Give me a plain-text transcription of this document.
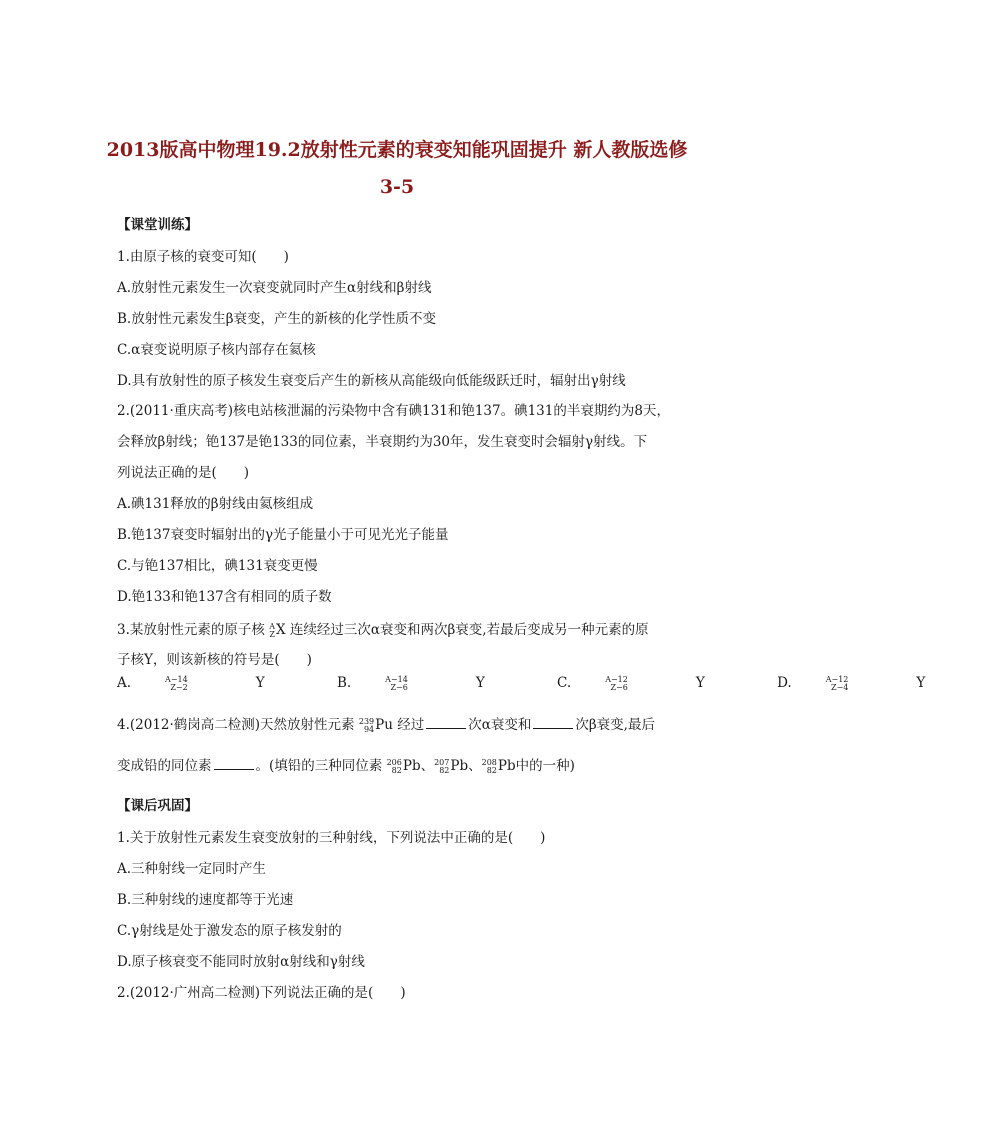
2013版高中物理19.2放射性元素的衰变知能巩固提升 新人教版选修
3-5
【课堂训练】
1.由原子核的衰变可知(　　)
A.放射性元素发生一次衰变就同时产生α射线和β射线
B.放射性元素发生β衰变，产生的新核的化学性质不变
C.α衰变说明原子核内部存在氦核
D.具有放射性的原子核发生衰变后产生的新核从高能级向低能级跃迁时，辐射出γ射线
2.(2011·重庆高考)核电站核泄漏的污染物中含有碘131和铯137。碘131的半衰期约为8天，
会释放β射线；铯137是铯133的同位素，半衰期约为30年，发生衰变时会辐射γ射线。下
列说法正确的是(　　)
A.碘131释放的β射线由氦核组成
B.铯137衰变时辐射出的γ光子能量小于可见光光子能量
C.与铯137相比，碘131衰变更慢
D.铯133和铯137含有相同的质子数
3.某放射性元素的原子核 A
Z X 连续经过三次α衰变和两次β衰变,若最后变成另一种元素的原
子核Y，则该新核的符号是(　　)
A.	A−14
Z−2	Y	B.	A−14
Z−6	Y	C.	A−12
Z−6	Y	D.	A−12
Z−4	Y
4.(2012·鹤岗高二检测)天然放射性元素 239
94 Pu 经过	次α衰变和	次β衰变,最后
变成铅的同位素	。(填铅的三种同位素 206
82 Pb、 207
82 Pb、 208
82 Pb中的一种)
【课后巩固】
1.关于放射性元素发生衰变放射的三种射线，下列说法中正确的是(　　)
A.三种射线一定同时产生
B.三种射线的速度都等于光速
C.γ射线是处于激发态的原子核发射的
D.原子核衰变不能同时放射α射线和γ射线
2.(2012·广州高二检测)下列说法正确的是(　　)
